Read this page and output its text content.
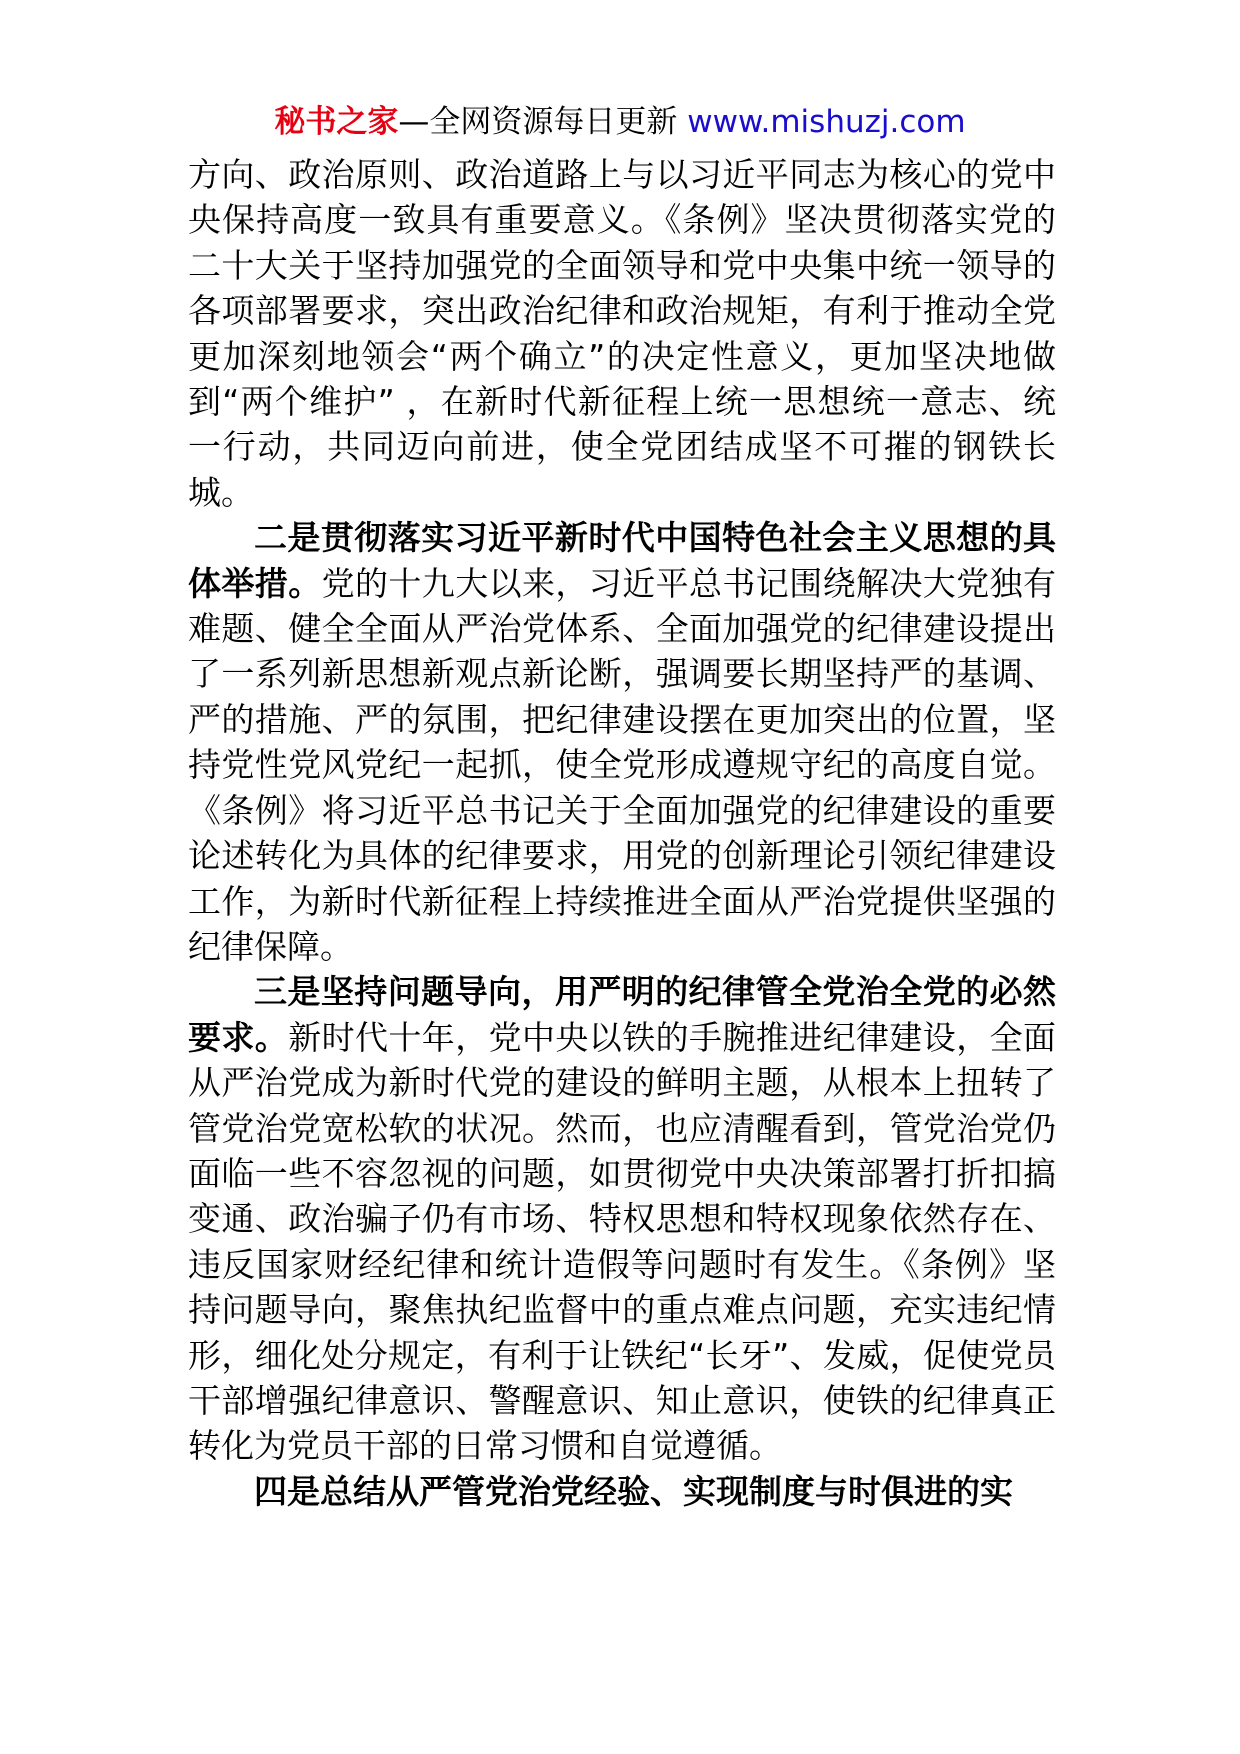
秘书之家—全网资源每日更新 www.mishuzj.com

方向、政治原则、政治道路上与以习近平同志为核心的党中央保持高度一致具有重要意义。《条例》坚决贯彻落实党的二十大关于坚持加强党的全面领导和党中央集中统一领导的各项部署要求，突出政治纪律和政治规矩，有利于推动全党更加深刻地领会“两个确立”的决定性意义，更加坚决地做到“两个维护” ，在新时代新征程上统一思想统一意志、统一行动，共同迈向前进，使全党团结成坚不可摧的钢铁长城。

二是贯彻落实习近平新时代中国特色社会主义思想的具体举措。党的十九大以来，习近平总书记围绕解决大党独有难题、健全全面从严治党体系、全面加强党的纪律建设提出了一系列新思想新观点新论断，强调要长期坚持严的基调、严的措施、严的氛围，把纪律建设摆在更加突出的位置，坚持党性党风党纪一起抓，使全党形成遵规守纪的高度自觉。《条例》将习近平总书记关于全面加强党的纪律建设的重要论述转化为具体的纪律要求，用党的创新理论引领纪律建设工作，为新时代新征程上持续推进全面从严治党提供坚强的纪律保障。

三是坚持问题导向，用严明的纪律管全党治全党的必然要求。新时代十年，党中央以铁的手腕推进纪律建设，全面从严治党成为新时代党的建设的鲜明主题，从根本上扭转了管党治党宽松软的状况。然而，也应清醒看到，管党治党仍面临一些不容忽视的问题，如贯彻党中央决策部署打折扣搞变通、政治骗子仍有市场、特权思想和特权现象依然存在、违反国家财经纪律和统计造假等问题时有发生。《条例》坚持问题导向，聚焦执纪监督中的重点难点问题，充实违纪情形，细化处分规定，有利于让铁纪“长牙”、发威，促使党员干部增强纪律意识、警醒意识、知止意识，使铁的纪律真正转化为党员干部的日常习惯和自觉遵循。

四是总结从严管党治党经验、实现制度与时俱进的实
